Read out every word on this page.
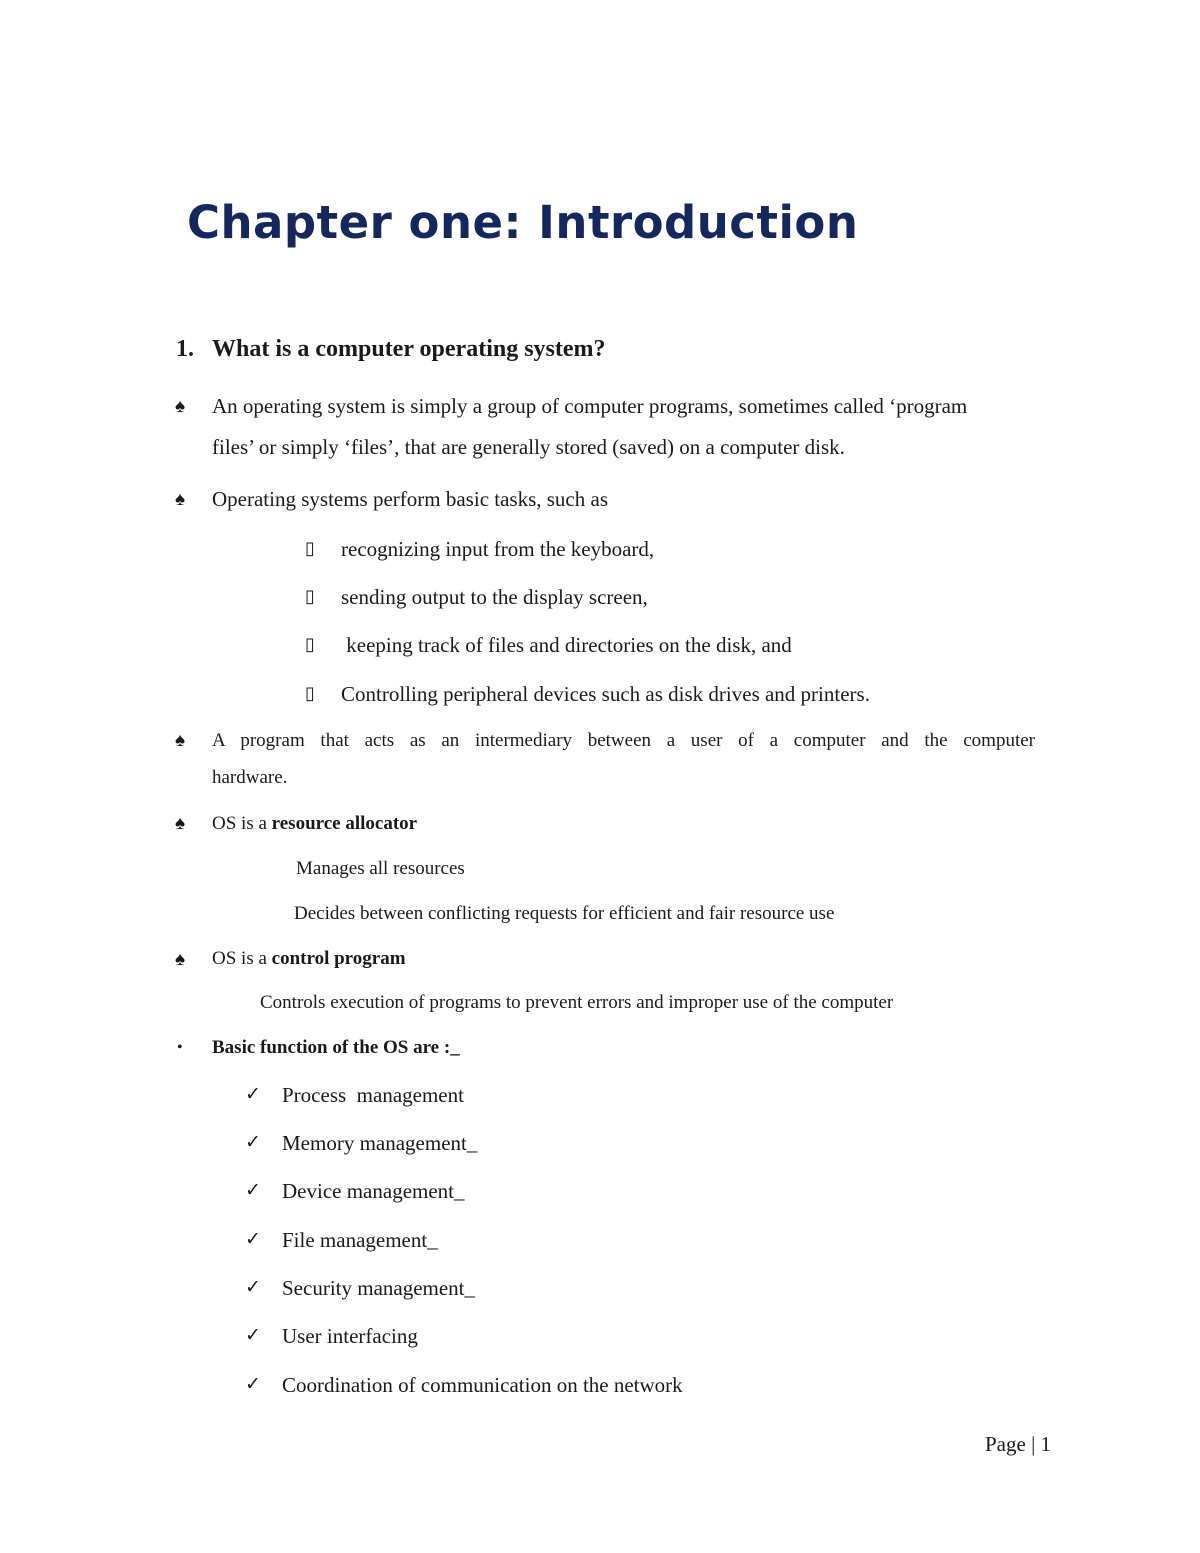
Chapter one: Introduction
1. What is a computer operating system?
♠ An operating system is simply a group of computer programs, sometimes called ‘program
files’ or simply ‘files’, that are generally stored (saved) on a computer disk.
♠ Operating systems perform basic tasks, such as
▯ recognizing input from the keyboard,
▯ sending output to the display screen,
▯ keeping track of files and directories on the disk, and
▯ Controlling peripheral devices such as disk drives and printers.
♠ A program that acts as an intermediary between a user of a computer and the computer
hardware.
♠ OS is a resource allocator
Manages all resources
Decides between conflicting requests for efficient and fair resource use
♠ OS is a control program
Controls execution of programs to prevent errors and improper use of the computer
• Basic function of the OS are :_
✓ Process  management
✓ Memory management_
✓ Device management_
✓ File management_
✓ Security management_
✓ User interfacing
✓ Coordination of communication on the network
Page | 1
